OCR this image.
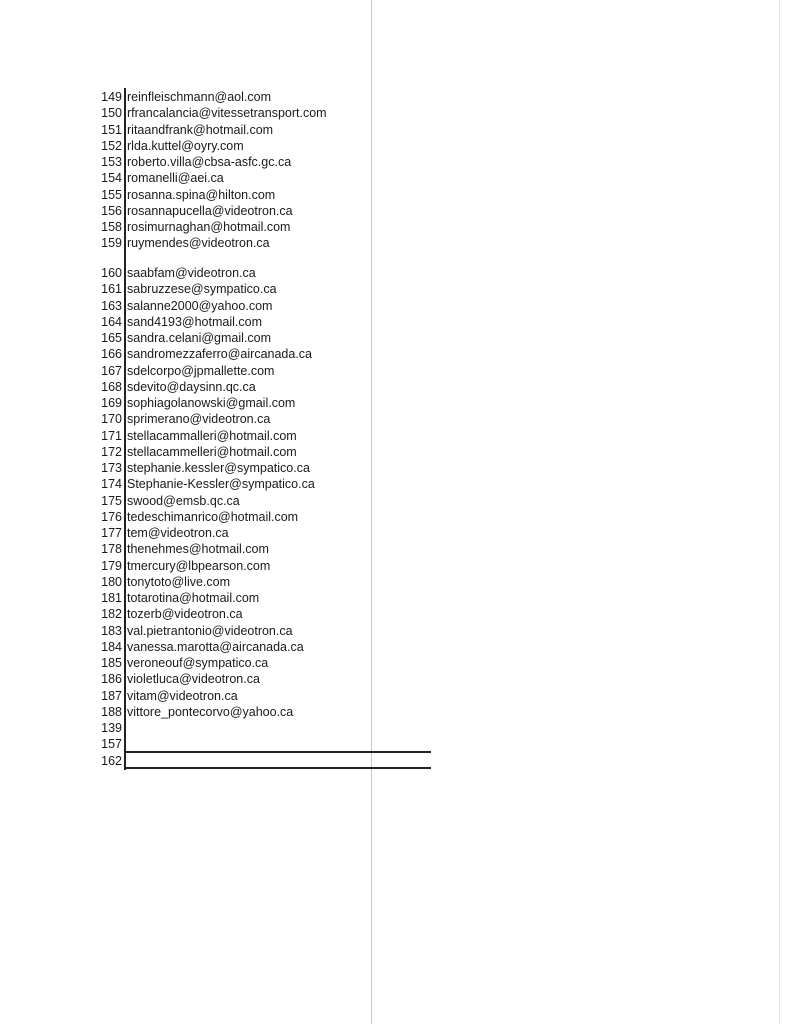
149 reinfleischmann@aol.com
150 rfrancalancia@vitessetransport.com
151 ritaandfrank@hotmail.com
152 rlda.kuttel@oyry.com
153 roberto.villa@cbsa-asfc.gc.ca
154 romanelli@aei.ca
155 rosanna.spina@hilton.com
156 rosannapucella@videotron.ca
158 rosimurnaghan@hotmail.com
159 ruymendes@videotron.ca
160 saabfam@videotron.ca
161 sabruzzese@sympatico.ca
163 salanne2000@yahoo.com
164 sand4193@hotmail.com
165 sandra.celani@gmail.com
166 sandromezzaferro@aircanada.ca
167 sdelcorpo@jpmallette.com
168 sdevito@daysinn.qc.ca
169 sophiagolanowski@gmail.com
170 sprimerano@videotron.ca
171 stellacammalleri@hotmail.com
172 stellacammelleri@hotmail.com
173 stephanie.kessler@sympatico.ca
174 Stephanie-Kessler@sympatico.ca
175 swood@emsb.qc.ca
176 tedeschimanrico@hotmail.com
177 tem@videotron.ca
178 thenehmes@hotmail.com
179 tmercury@lbpearson.com
180 tonytoto@live.com
181 totarotina@hotmail.com
182 tozerb@videotron.ca
183 val.pietrantonio@videotron.ca
184 vanessa.marotta@aircanada.ca
185 veroneouf@sympatico.ca
186 violetluca@videotron.ca
187 vitam@videotron.ca
188 vittore_pontecorvo@yahoo.ca
139
157
162
